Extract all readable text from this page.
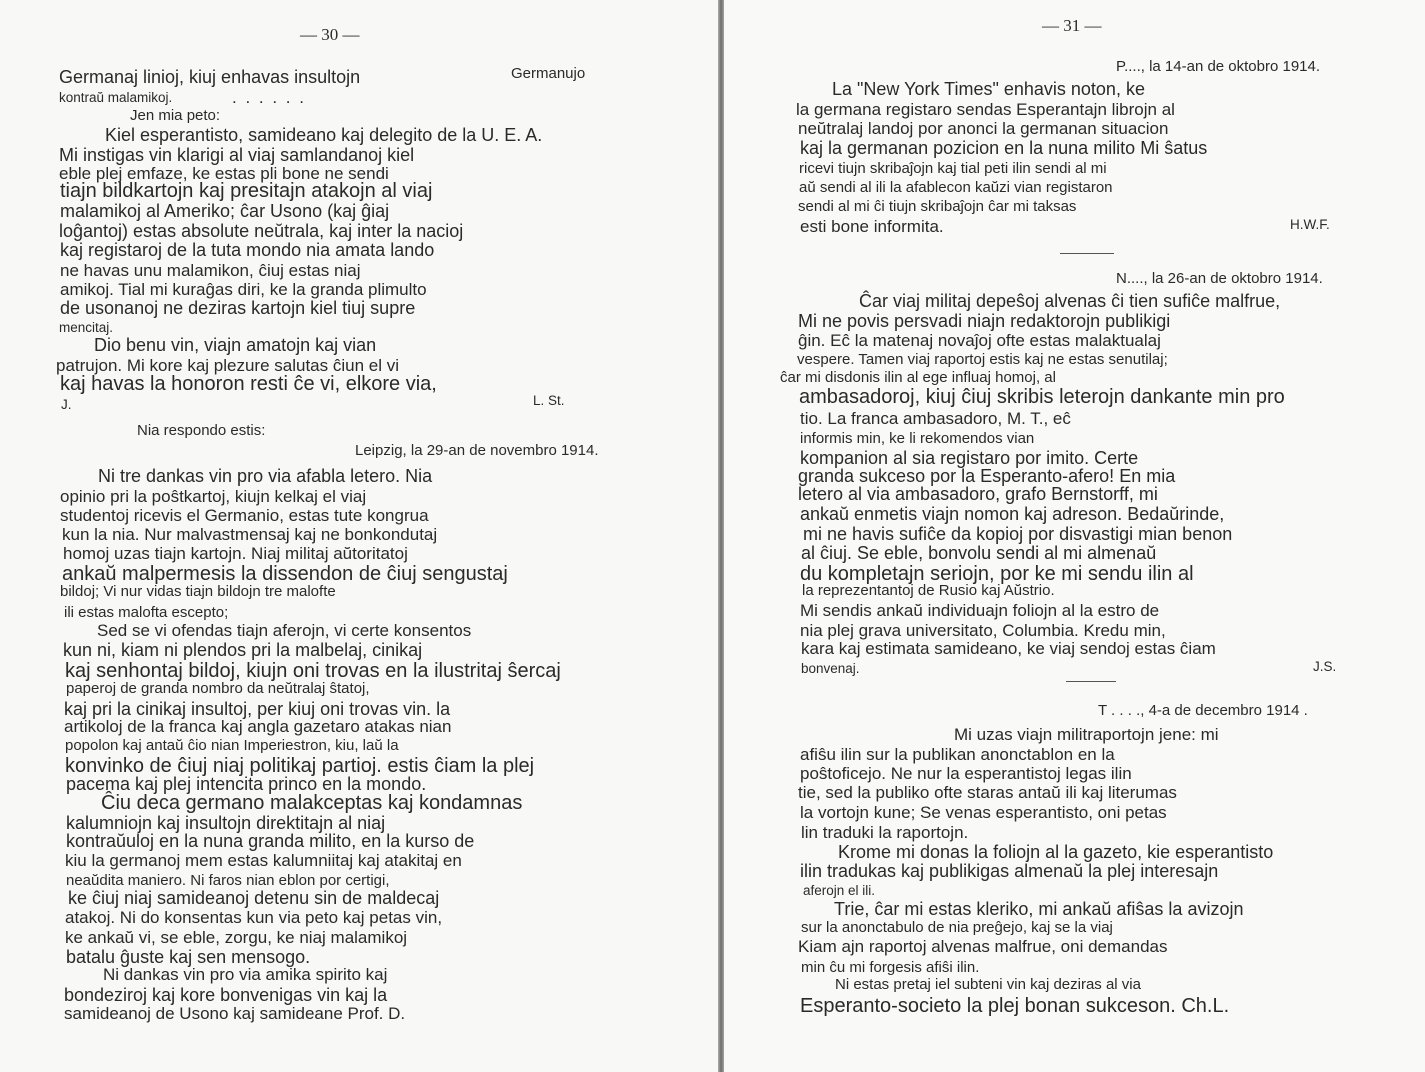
— 30 —
Germanujo
Germanaj linioj, kiuj enhavas insultojn
kontraŭ malamikoj.	. . . . . .
Jen mia peto:
Kiel esperantisto, samideano kaj delegito de la U. E. A.
Mi instigas vin klarigi al viaj samlandanoj kiel
eble plej emfaze, ke estas pli bone ne sendi
tiajn bildkartojn kaj presitajn atakojn al viaj
malamikoj al Ameriko; ĉar Usono (kaj ĝiaj
loĝantoj) estas absolute neŭtrala, kaj inter la nacioj
kaj registaroj de la tuta mondo nia amata lando
ne havas unu malamikon, ĉiuj estas niaj
amikoj. Tial mi kuraĝas diri, ke la granda plimulto
de usonanoj ne deziras kartojn kiel tiuj supre
mencitaj.
Dio benu vin, viajn amatojn kaj vian
patrujon. Mi kore kaj plezure salutas ĉiun el vi
kaj havas la honoron resti ĉe vi, elkore via,
J.	L. St.
Nia respondo estis:
Leipzig, la 29-an de novembro 1914.
Ni tre dankas vin pro via afabla letero. Nia
opinio pri la poŝtkartoj, kiujn kelkaj el viaj
studentoj ricevis el Germanio, estas tute kongrua
kun la nia. Nur malvastmensaj kaj ne bonkondutaj
homoj uzas tiajn kartojn. Niaj militaj aŭtoritatoj
ankaŭ malpermesis la dissendon de ĉiuj sengustaj
bildoj; Vi nur vidas tiajn bildojn tre malofte
ili estas malofta escepto;
Sed se vi ofendas tiajn aferojn, vi certe konsentos
kun ni, kiam ni plendos pri la malbelaj, cinikaj
kaj senhontaj bildoj, kiujn oni trovas en la ilustritaj ŝercaj
paperoj de granda nombro da neŭtralaj ŝtatoj,
kaj pri la cinikaj insultoj, per kiuj oni trovas vin. la
artikoloj de la franca kaj angla gazetaro atakas nian
popolon kaj antaŭ ĉio nian Imperiestron, kiu, laŭ la
konvinko de ĉiuj niaj politikaj partioj. estis ĉiam la plej
pacema kaj plej intencita princo en la mondo.
Ĉiu deca germano malakceptas kaj kondamnas
kalumniojn kaj insultojn direktitajn al niaj
kontraŭuloj en la nuna granda milito, en la kurso de
kiu la germanoj mem estas kalumniitaj kaj atakitaj en
neaŭdita maniero. Ni faros nian eblon por certigi,
ke ĉiuj niaj samideanoj detenu sin de maldecaj
atakoj. Ni do konsentas kun via peto kaj petas vin,
ke ankaŭ vi, se eble, zorgu, ke niaj malamikoj
batalu ĝuste kaj sen mensogo.
Ni dankas vin pro via amika spirito kaj
bondeziroj kaj kore bonvenigas vin kaj la
samideanoj de Usono kaj samideane Prof. D.
— 31 —
P...., la 14-an de oktobro 1914.
La "New York Times" enhavis noton, ke
la germana registaro sendas Esperantajn librojn al
neŭtralaj landoj por anonci la germanan situacion
kaj la germanan pozicion en la nuna milito Mi ŝatus
ricevi tiujn skribaĵojn kaj tial peti ilin sendi al mi
aŭ sendi al ili la afablecon kaŭzi vian registaron
sendi al mi ĉi tiujn skribaĵojn ĉar mi taksas
esti bone informita.	H.W.F.
N...., la 26-an de oktobro 1914.
Ĉar viaj militaj depeŝoj alvenas ĉi tien sufiĉe malfrue,
Mi ne povis persvadi niajn redaktorojn publikigi
ĝin. Eĉ la matenaj novaĵoj ofte estas malaktualaj
vespere. Tamen viaj raportoj estis kaj ne estas senutilaj;
ĉar mi disdonis ilin al ege influaj homoj, al
ambasadoroj, kiuj ĉiuj skribis leterojn dankante min pro
tio. La franca ambasadoro, M. T., eĉ
informis min, ke li rekomendos vian
kompanion al sia registaro por imito. Certe
granda sukceso por la Esperanto-afero! En mia
letero al via ambasadoro, grafo Bernstorff, mi
ankaŭ enmetis viajn nomon kaj adreson. Bedaŭrinde,
mi ne havis sufiĉe da kopioj por disvastigi mian benon
al ĉiuj. Se eble, bonvolu sendi al mi almenaŭ
du kompletajn seriojn, por ke mi sendu ilin al
la reprezentantoj de Rusio kaj Aŭstrio.
Mi sendis ankaŭ individuajn foliojn al la estro de
nia plej grava universitato, Columbia. Kredu min,
kara kaj estimata samideano, ke viaj sendoj estas ĉiam
bonvenaj.	J.S.
T . . . ., 4-a de decembro 1914 .
Mi uzas viajn militraportojn jene: mi
afiŝu ilin sur la publikan anonctablon en la
poŝtoficejo. Ne nur la esperantistoj legas ilin
tie, sed la publiko ofte staras antaŭ ili kaj literumas
la vortojn kune; Se venas esperantisto, oni petas
lin traduki la raportojn.
Krome mi donas la foliojn al la gazeto, kie esperantisto
ilin tradukas kaj publikigas almenaŭ la plej interesajn
aferojn el ili.
Trie, ĉar mi estas kleriko, mi ankaŭ afiŝas la avizojn
sur la anonctabulo de nia preĝejo, kaj se la viaj
Kiam ajn raportoj alvenas malfrue, oni demandas
min ĉu mi forgesis afiŝi ilin.
Ni estas pretaj iel subteni vin kaj deziras al via
Esperanto-societo la plej bonan sukceson. Ch.L.
